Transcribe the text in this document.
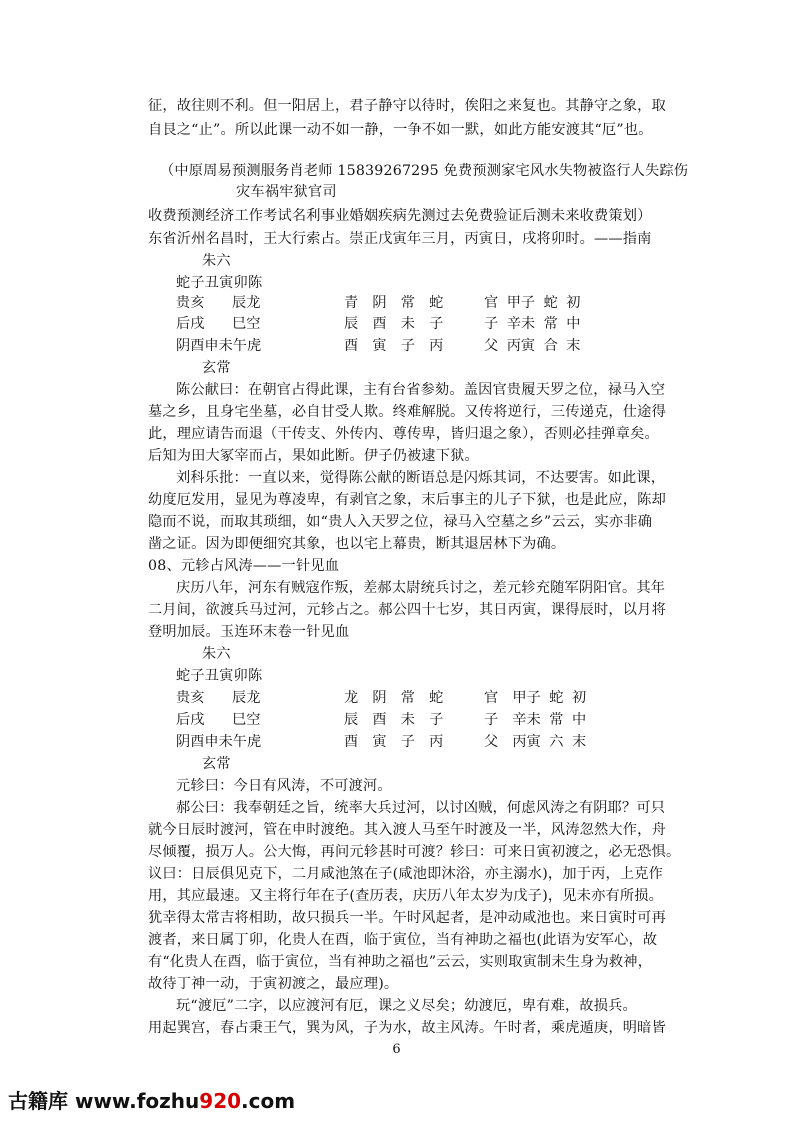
征，故往则不利。但一阳居上，君子静守以待时，俟阳之来复也。其静守之象，取
自艮之“止”。所以此课一动不如一静，一争不如一默，如此方能安渡其“厄”也。
（中原周易预测服务肖老师 15839267295 免费预测家宅风水失物被盗行人失踪伤
灾车祸牢狱官司
收费预测经济工作考试名利事业婚姻疾病先测过去免费验证后测未来收费策划）
东省沂州名昌时，王大行索占。崇正戊寅年三月，丙寅日，戌将卯时。——指南
朱六
蛇子丑寅卯陈
贵亥 辰龙	青　阴　常　蛇	官 甲子 蛇 初
后戌 巳空	辰　酉　未　子	子 辛未 常 中
阴酉申未午虎	酉　寅　子　丙	父 丙寅 合 末
玄常
陈公献曰：在朝官占得此课，主有台省参劾。盖因官贵履天罗之位，禄马入空
墓之乡，且身宅坐墓，必自甘受人欺。终难解脱。又传将逆行，三传递克，仕途得
此，理应请告而退（干传支、外传内、尊传卑，皆归退之象），否则必挂弹章矣。
后知为田大冢宰而占，果如此断。伊子仍被逮下狱。
刘科乐批：一直以来，觉得陈公献的断语总是闪烁其词，不达要害。如此课，
幼度厄发用，显见为尊凌卑，有剥官之象，末后事主的儿子下狱，也是此应，陈却
隐而不说，而取其琐细，如“贵人入天罗之位，禄马入空墓之乡”云云，实亦非确
凿之证。因为即便细究其象，也以宅上幕贵，断其退居林下为确。
08、元轸占风涛——一针见血
庆历八年，河东有贼寇作叛，差郝太尉统兵讨之，差元轸充随军阴阳官。其年
二月间，欲渡兵马过河，元轸占之。郝公四十七岁，其日丙寅，课得辰时，以月将
登明加辰。玉连环末卷一针见血
朱六
蛇子丑寅卯陈
贵亥 辰龙	龙　阴　常　蛇	官　甲子 蛇 初
后戌 巳空	辰　酉　未　子	子　辛未 常 中
阴酉申未午虎	酉　寅　子　丙	父　丙寅 六 末
玄常
元轸曰：今日有风涛，不可渡河。
郝公曰：我奉朝廷之旨，统率大兵过河，以讨凶贼，何虑风涛之有阴耶？可只
就今日辰时渡河，管在申时渡绝。其入渡人马至午时渡及一半，风涛忽然大作，舟
尽倾覆，损万人。公大悔，再问元轸甚时可渡？轸曰：可来日寅初渡之，必无恐惧。
议曰：日辰俱见克下，二月咸池煞在子(咸池即沐浴，亦主溺水)，加于丙，上克作
用，其应最速。又主将行年在子(查历表，庆历八年太岁为戊子)，见未亦有所损。
犹幸得太常吉将相助，故只损兵一半。午时风起者，是冲动咸池也。来日寅时可再
渡者，来日属丁卯，化贵人在酉，临于寅位，当有神助之福也(此语为安军心，故
有“化贵人在酉，临于寅位，当有神助之福也”云云，实则取寅制未生身为救神，
故待丁神一动，于寅初渡之，最应理)。
玩“渡厄”二字，以应渡河有厄，课之义尽矣；幼渡厄，卑有难，故损兵。
用起巽宫，春占秉王气，巽为风，子为水，故主风涛。午时者，乘虎遁庚，明暗皆
6
古籍库 www.fozhu920.com
